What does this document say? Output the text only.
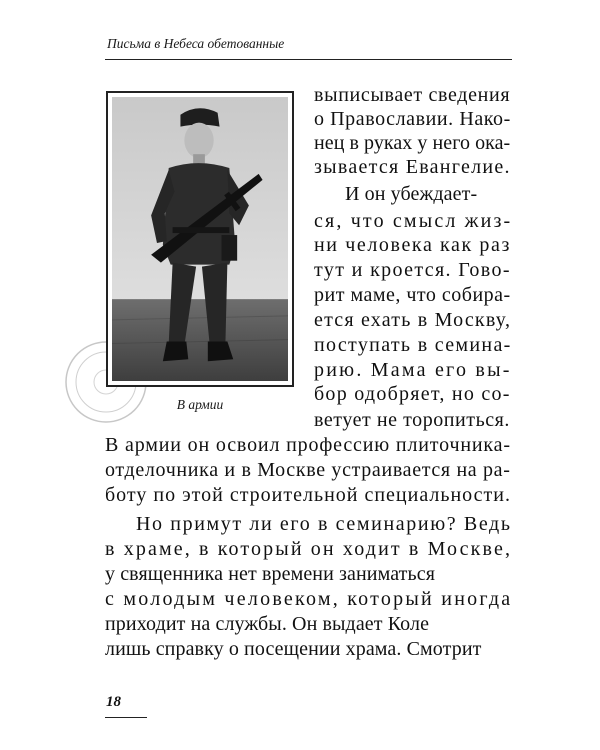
Письма в Небеса обетованные
В армии
выписывает сведения
о Православии. Нако-
нец в руках у него ока-
зывается Евангелие.
И он убеждает-
ся, что смысл жиз-
ни человека как раз
тут и кроется. Гово-
рит маме, что собира-
ется ехать в Москву,
поступать в семина-
рию. Мама его вы-
бор одобряет, но со-
ветует не торопиться.
В армии он освоил профессию плиточника-
отделочника и в Москве устраивается на ра-
боту по этой строительной специальности.
Но примут ли его в семинарию? Ведь
в храме, в который он ходит в Москве,
у священника нет времени заниматься
с молодым человеком, который иногда
приходит на службы. Он выдает Коле
лишь справку о посещении храма. Смотрит
18
